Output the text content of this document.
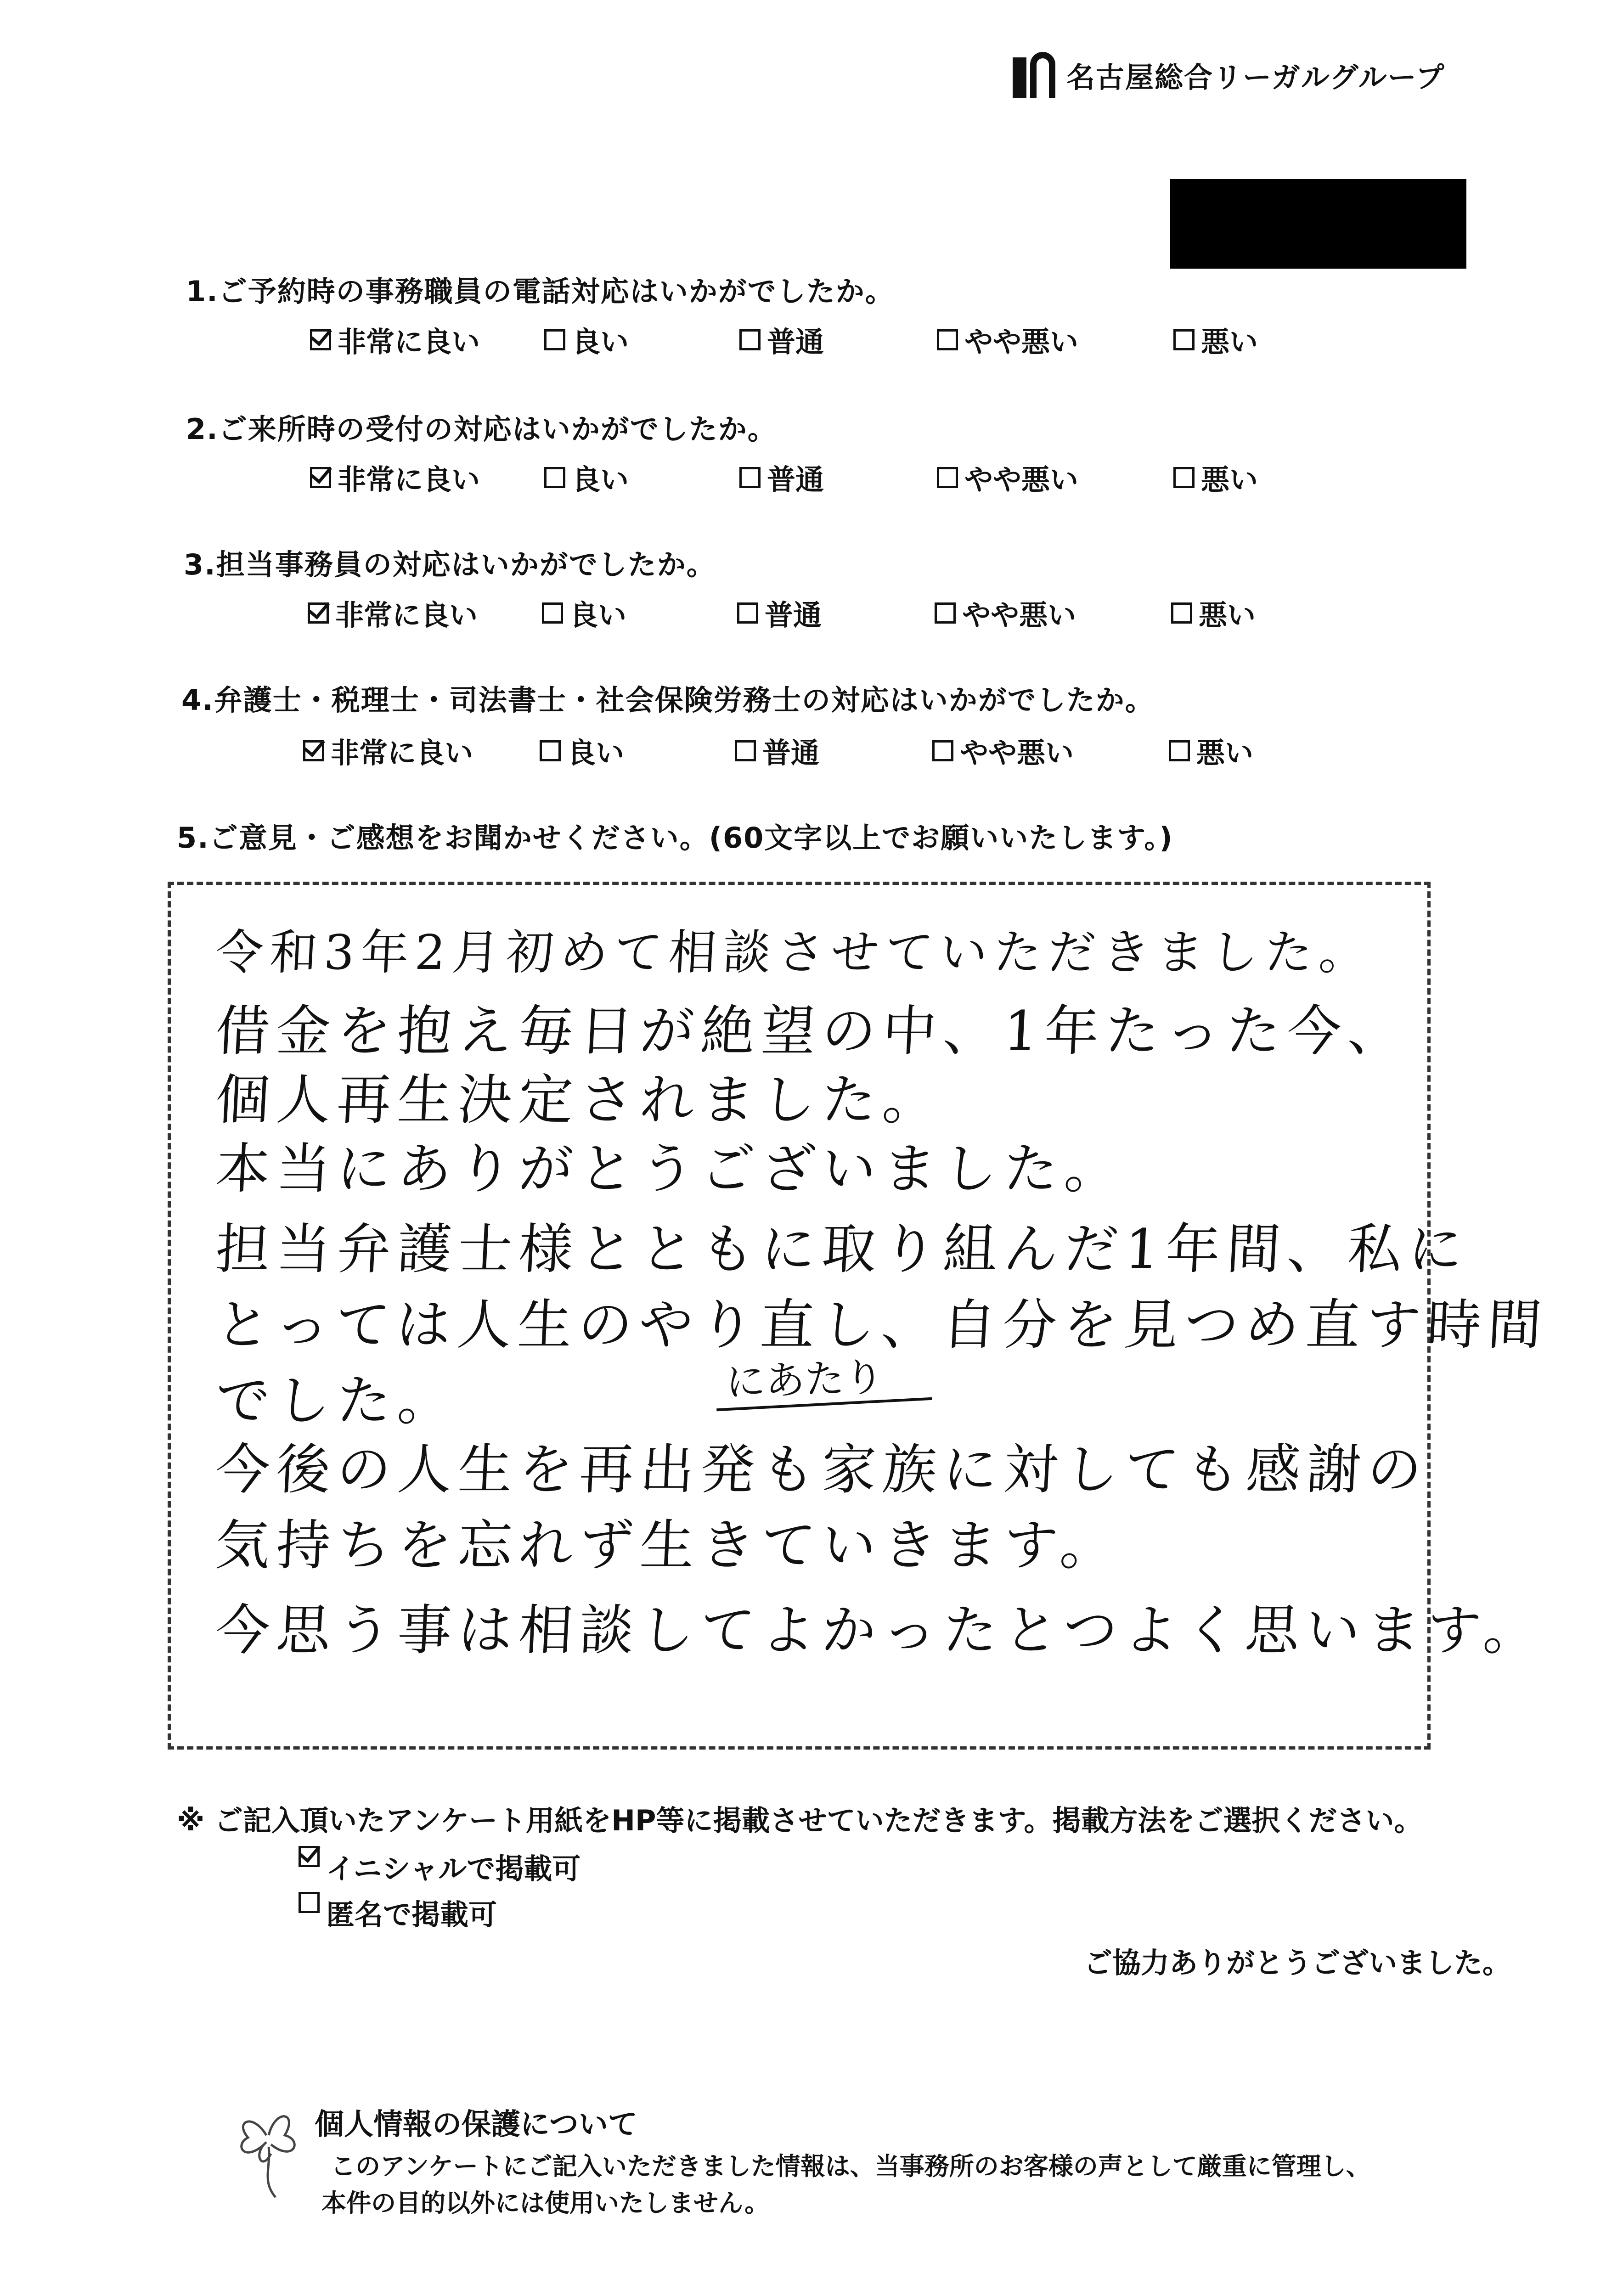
名古屋総合リーガルグループ
1.ご予約時の事務職員の電話対応はいかがでしたか。
非常に良い	良い	普通	やや悪い	悪い
2.ご来所時の受付の対応はいかがでしたか。
非常に良い	良い	普通	やや悪い	悪い
3.担当事務員の対応はいかがでしたか。
非常に良い	良い	普通	やや悪い	悪い
4.弁護士・税理士・司法書士・社会保険労務士の対応はいかがでしたか。
非常に良い	良い	普通	やや悪い	悪い
5.ご意見・ご感想をお聞かせください。(60文字以上でお願いいたします。)
令和3年2月初めて相談させていただきました。
借金を抱え毎日が絶望の中、1年たった今、
個人再生決定されました。
本当にありがとうございました。
担当弁護士様とともに取り組んだ1年間、私に
とっては人生のやり直し、自分を見つめ直す時間
でした。	にあたり
今後の人生を再出発も家族に対しても感謝の
気持ちを忘れず生きていきます。
今思う事は相談してよかったとつよく思います。
※ ご記入頂いたアンケート用紙をHP等に掲載させていただきます。掲載方法をご選択ください。
イニシャルで掲載可
匿名で掲載可
ご協力ありがとうございました。
個人情報の保護について
このアンケートにご記入いただきました情報は、当事務所のお客様の声として厳重に管理し、
本件の目的以外には使用いたしません。
